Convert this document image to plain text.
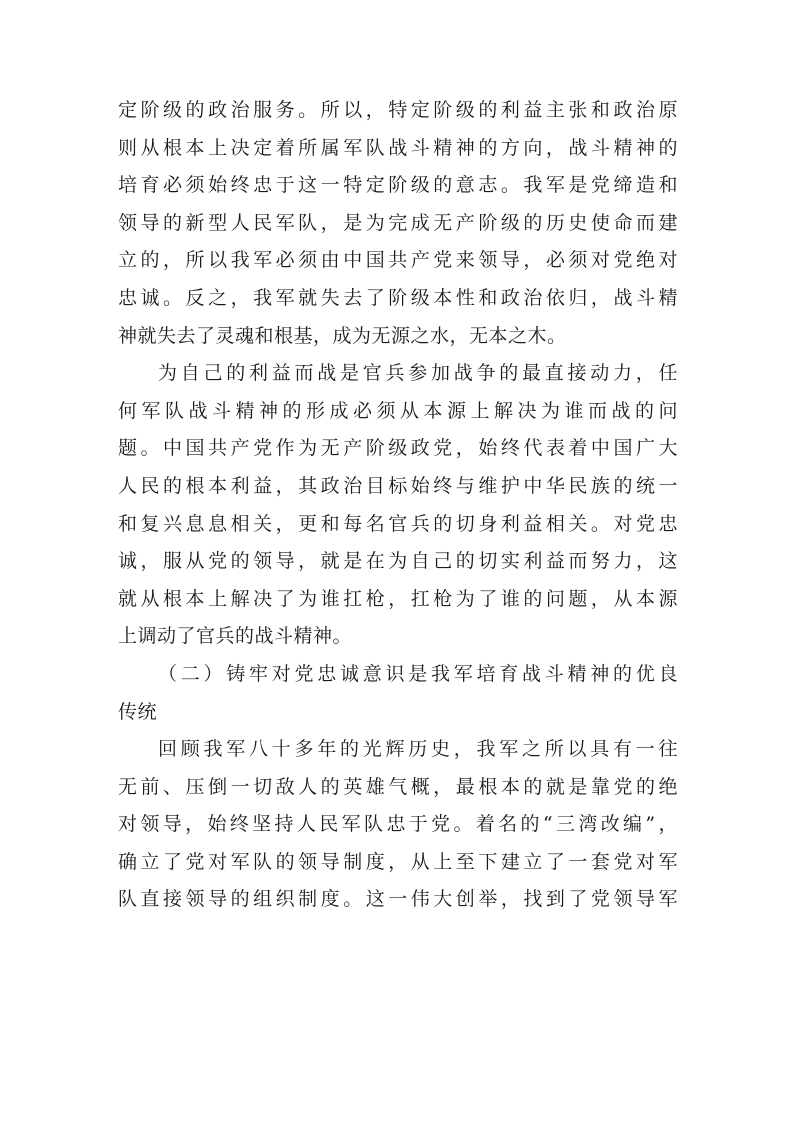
定阶级的政治服务。所以，特定阶级的利益主张和政治原
则从根本上决定着所属军队战斗精神的方向，战斗精神的
培育必须始终忠于这一特定阶级的意志。我军是党缔造和
领导的新型人民军队，是为完成无产阶级的历史使命而建
立的，所以我军必须由中国共产党来领导，必须对党绝对
忠诚。反之，我军就失去了阶级本性和政治依归，战斗精
神就失去了灵魂和根基，成为无源之水，无本之木。
为自己的利益而战是官兵参加战争的最直接动力，任
何军队战斗精神的形成必须从本源上解决为谁而战的问
题。中国共产党作为无产阶级政党，始终代表着中国广大
人民的根本利益，其政治目标始终与维护中华民族的统一
和复兴息息相关，更和每名官兵的切身利益相关。对党忠
诚，服从党的领导，就是在为自己的切实利益而努力，这
就从根本上解决了为谁扛枪，扛枪为了谁的问题，从本源
上调动了官兵的战斗精神。
（二）铸牢对党忠诚意识是我军培育战斗精神的优良
传统
回顾我军八十多年的光辉历史，我军之所以具有一往
无前、压倒一切敌人的英雄气概，最根本的就是靠党的绝
对领导，始终坚持人民军队忠于党。着名的“三湾改编”，
确立了党对军队的领导制度，从上至下建立了一套党对军
队直接领导的组织制度。这一伟大创举，找到了党领导军
